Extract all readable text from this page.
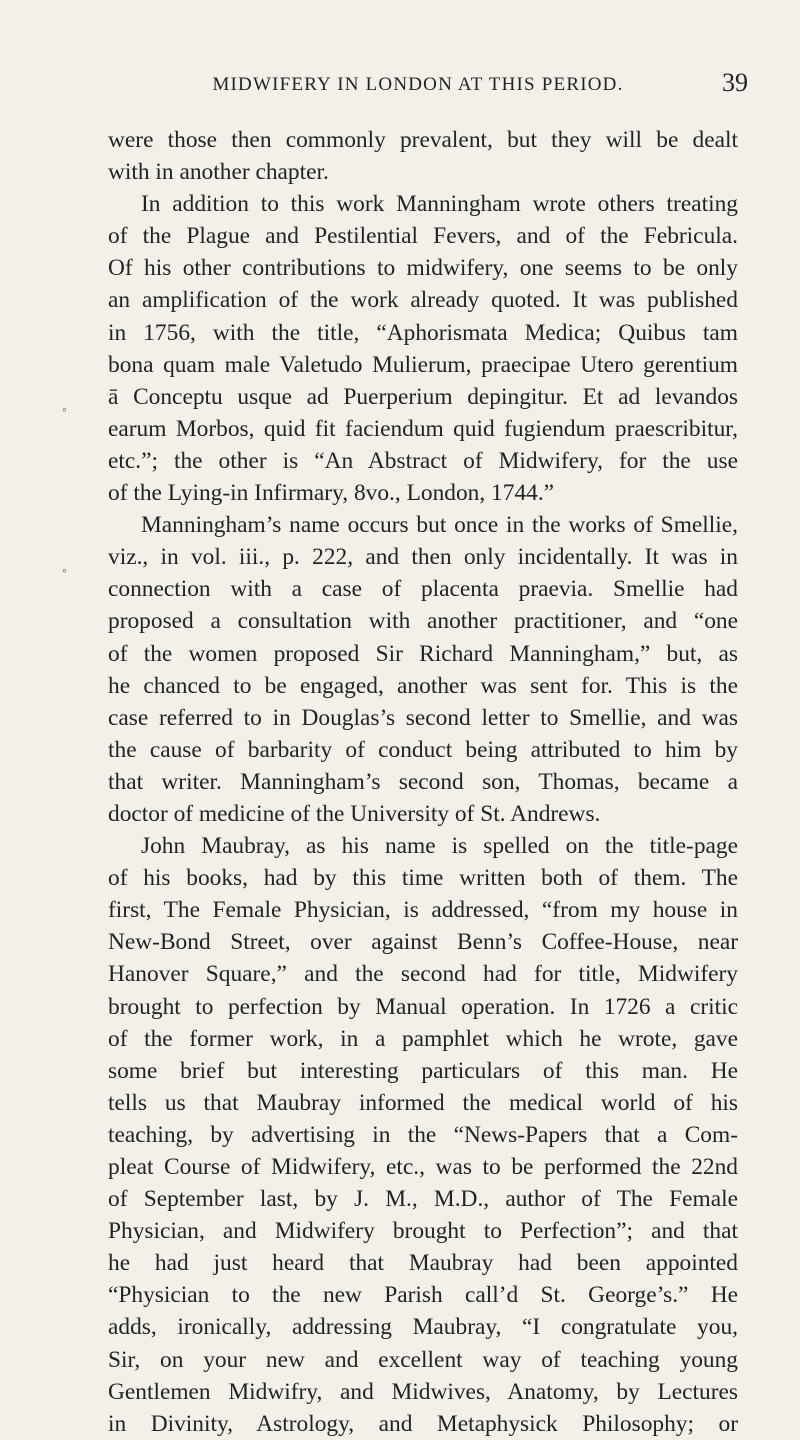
MIDWIFERY IN LONDON AT THIS PERIOD.	39
were those then commonly prevalent, but they will be dealt
with in another chapter.
In addition to this work Manningham wrote others treating
of the Plague and Pestilential Fevers, and of the Febricula.
Of his other contributions to midwifery, one seems to be only
an amplification of the work already quoted. It was published
in 1756, with the title, “Aphorismata Medica; Quibus tam
bona quam male Valetudo Mulierum, praecipae Utero gerentium
ā Conceptu usque ad Puerperium depingitur. Et ad levandos
earum Morbos, quid fit faciendum quid fugiendum praescribitur,
etc.”; the other is “An Abstract of Midwifery, for the use
of the Lying-in Infirmary, 8vo., London, 1744.”
Manningham’s name occurs but once in the works of Smellie,
viz., in vol. iii., p. 222, and then only incidentally. It was in
connection with a case of placenta praevia. Smellie had
proposed a consultation with another practitioner, and “one
of the women proposed Sir Richard Manningham,” but, as
he chanced to be engaged, another was sent for. This is the
case referred to in Douglas’s second letter to Smellie, and was
the cause of barbarity of conduct being attributed to him by
that writer. Manningham’s second son, Thomas, became a
doctor of medicine of the University of St. Andrews.
John Maubray, as his name is spelled on the title-page
of his books, had by this time written both of them. The
first, The Female Physician, is addressed, “from my house in
New-Bond Street, over against Benn’s Coffee-House, near
Hanover Square,” and the second had for title, Midwifery
brought to perfection by Manual operation. In 1726 a critic
of the former work, in a pamphlet which he wrote, gave
some brief but interesting particulars of this man. He
tells us that Maubray informed the medical world of his
teaching, by advertising in the “News-Papers that a Com-
pleat Course of Midwifery, etc., was to be performed the 22nd
of September last, by J. M., M.D., author of The Female
Physician, and Midwifery brought to Perfection”; and that
he had just heard that Maubray had been appointed
“Physician to the new Parish call’d St. George’s.” He
adds, ironically, addressing Maubray, “I congratulate you,
Sir, on your new and excellent way of teaching young
Gentlemen Midwifry, and Midwives, Anatomy, by Lectures
in Divinity, Astrology, and Metaphysick Philosophy; or
◦
◦
